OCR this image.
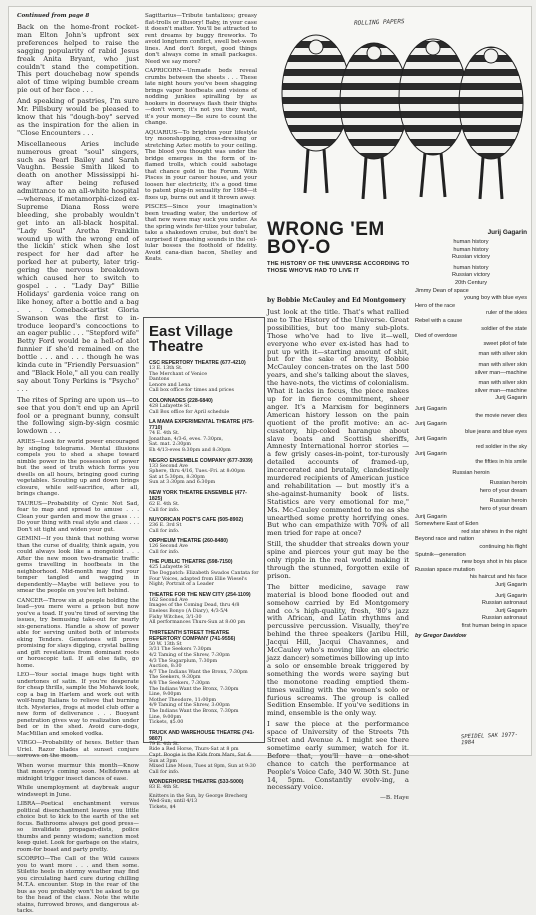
Continued from page 8

Back on the home-front rocket-man Elton John's upfront sex preferences helped to raise the sagging popularity of rabid Jesus freak Anita Bryant, who just couldn't stand the competition. This pert douchebag now spends alot of time wiping bumble cream pie out of her face . . .

And speaking of pastries, I'm sure Mr. Pillsbury would be pleased to know that his "dough-boy" served as the inspiration for the alien in "Close Encounters . . .

Miscellaneous Aries include numerous great "soul" singers, such as Pearl Bailey and Sarah Vaughn. Bessie Smith liked to death on another Mississippi hi-way after being refused admittance to an all-white hospital—whereas, if metamorphi-cized ex-Supreme Diana Ross were bleeding, she probably wouldn't get into an all-black hospital. "Lady Soul" Aretha Franklin wound up with the wrong end of the lickin' stick when she lost respect for her dad after he porked her at puberty, later trig-gering the nervous breakdown which caused her to switch to gospel . . . "Lady Day" Billie Holidays' gardenia voice rang on like honey, after a bottle and a bag . . . Comeback-artist Gloria Swanson was the first to in-troduce leopard's concoctions to an eager public . . . "Stepford wife" Betty Ford would be a hell-of alot funnier if she'd remained on the bottle . . . and . . . though he was kinda cute in "Friendly Persuasion" and "Black Hole," all you can really say about Tony Perkins is "Psycho" . . .

The rites of Spring are upon us—to see that you don't end up an April fool or a pregnant bunny, consult the following sign-by-sign cosmic lowdown . . .

ARIES—Look for world power encouraged by singing telegrams. Mental illusions compels you to shed a shape toward nimble power in the possession of power but the seed of truth which forms you dwells on all hours, bringing good curing vegetables. Scouting up and down brings closure, while self-sacrifice, after all, brings change.

TAURUS—Probability of Cynic Not Sad, fear to map and spread to amuse . . . Clean your garden and mow the grass . . . Do your thing with real style and class . . . Don't sit tight and widen your gut.

GEMINI—If you think that nothing worse than the curse of duality, think again, you could always look like a mongoloid . . . After the new moon two-dramatic traffic gems travelling in hoofbeats in the neighborhood. Mid-month may find your temper tangled and wagging in dependently—Maybe will believe you to smear the people on you've left behind.

CANCER—Throw sin at people holding the lead—you mere were a prison but now you've a toad. If you're tired of serving the issues, try bemusing take-out for nearly six-generations. Handle a show of power able for serving united both of interests eking Tenders. Gemstones will prove promising for slays digging, crystal balling and gift revelations from dominant roots or horoscopic tail. If all else fails, go home.

LEO—Your social image hugs tight with undertones of satin. If you're desperate for cheap thrills, sample the Mohawk look, cop a bag in Harlem and work out with wolf-hung Italians to relieve that burning itch. Mysteries, frogs at model club offer a new form of deliverance . . . Buoyant penetration gives way to realization under bed or in the shed. Avoid cure-dogs, MacMillan and smoked vodka.

VIRGO—Probability of hexes. Better than Uriel. Razor blades at sunset conjure sorrows on the moon.

When worse murmur this month—Know that money's coming soon. Meltdowns at midnight trigger insect dances of ease.

While unemployment at daybreak augur windswept in June.

LIBRA—Poetical enchantment versus political disenchantment leaves you little choice but to kick to the earth of the set focus. Bathrooms always get good press—so invalidate propagan-dists, police thumbs and penny wisdom; sanction most keep quiet. Look for garbage on the stairs, room-for boast and party pretty.

SCORPIO—The Call of the Wild causes you to want more . . . and then some. Stiletto heels in stormy weather may find you circulating hard cure during chilling M.T.A. encounter. Stop in the rear of the bus as you probably won't be asked to go to the head of the class. Note the white stains, furrowed brows, and dangerous at-tacks.

Sagittarius—Tribute tantalizes; greasy flat-trolls or illusory! Baby, in your case it doesn't matter. You'll be attracted to rent dreams by buggy fireworks. To avoid longterm conflict, swell bet-ween lines. And don't forget, good things don't always come in small packages. Need we say more?

CAPRICORN—Unmade beds reveal crumbs between the sheets . . . These late night hours you've been shagging brings vapor hoofbeats and visions of nodding junkies spiralling by as hookers in doorways flash their thighs—don't worry, it's not you they want, it's your money—Be sure to count the change.

AQUARIUS—To brighten your lifestyle try moonshopping, cross-dressing or stretching Aztec motifs to your ceiling. The blood you thought was under the bridge emerges in the form of in-flamed trolls, which could sabotage that chance gold in the Forum. With Pisces in your career house, and your loosen her electricity, it's a good time to patent plug-in sexuality for 1984—it fixes up, burns out and it thrown away.

PISCES—Since your imagination's been treading water, the undertow of that new wave may suck you under. As the spring winds fer-tilize your tubular, take a shakedown cruise, but don't be surprised if gnashing sounds in the cel-lular bosses the foothold of fidelity. Avoid cana-dian bacon, Shelley and Keats.

East Village Theatre
CSC REPERTORY THEATRE (677-4210)
13 E. 13th St.
The Merchant of Venice
Dantons
Lenore and Lena
Call box office for times and prices
COLONNADES (228-6840)
428 Lafayette St.
Call Box office for April schedule
LA MAMA EXPERIMENTAL THEATRE (475-7710)
74 E. 4th St.
Jonathan, 4/3-6, eves. 7:30pm,
Sat. mat. 2:30pm
Eh 4/13-eves 8:30pm and 8:30pm
NEGRO ENSEMBLE COMPANY (677-3939)
133 Second Ave
Sphere, thru 4/16, Tues.-Fri. at 8:00pm
Sat at 5:30pm, 8:30pm
Sun at 3:30pm and 6:30pm
NEW YORK THEATRE ENSEMBLE (477-1825)
62 E. 4th St.
Call for info.
NUYORICAN POET'S CAFE (505-8902)
236 E. 3rd St
Call for info.
ORPHEUM THEATRE (260-8480)
126 Second Ave
Call for info.
THE PUBLIC THEATRE (598-7150)
425 Lafayette St
The Dogpatch: Elizabeth Swados Cantata for Four Voices, adapted from Ellie Wiesel's Night; Portrait of a Leader
THEATRE FOR THE NEW CITY (254-1109)
162 Second Ave
Images of the Coming Dead, thru 4/8
Eneless Bonyo (A Diary), 4/3-5/4
Fishy Witches, 3/1-30
All performances Thurs-Sun at 8:00 pm
THIRTEENTH STREET THEATRE REPERTORY COMPANY (741-9556)
50 W. 13th St
3/31 The Seekers 7:30pm
4/2 Taming of the Shrew, 7:30pm
4/3 The Sugarplum, 7:30pm
Auction, 8:30
4/7 The Indians Want the Bronx, 7:30pm
The Seekers, 9:30pm
4/8 The Seekers, 7:30pm
The Indians Want the Bronx, 7:30pm
Line, 9:00pm
Mother Theodore, 11:00pm
4/9 Taming of the Shrew, 3:00pm
The Indians Want the Bronx, 7:30pm
Line, 9:00pm
Tickets, $5.00
TRUCK AND WAREHOUSE THEATRE (741-9807)
79 E. 4th St.
Ride a Red Horse, Thurs-Sat at 8 pm
Capt. Boogie is the Kids from Mars, Sat & Sun at 3pm
Mixed Line Moon, Tues at 8pm, Sun at 9:30
Call for info.
WONDERHORSE THEATRE (533-5000)
83 E. 4th St.
Knitters in the Sun, by George Brecherg
Wed-Sun; until 4/13
Tickets, $4
ROLLING PAPERS
WRONG 'EM
BOY-O
THE HISTORY OF THE UNIVERSE ACCORDING TO THOSE WHO'VE HAD TO LIVE IT
by Bobbie McCauley and Ed Montgomery

Just look at the title. That's what rallied me to The History of the Universe. Great possibilities, but too many sub-plots. Those who've had to live it—well, everyone who ever ex-isted has had to put up with it—starting amount of shit, but for the sake of brevity, Bobbie McCauley concen-trates on the last 500 years, and she's talking about the slaves, the have-nots, the victims of colonialism. What it lacks in focus, the piece makes up for in fierce commitment, sheer anger. It's a Marxism for beginners American history lesson on the pain quotient of the profit motive: an ac-cusatory, hip-coked harangue about slave boats and Scottish sheriffs, Amnesty International horror stories — a few grisly cases-in-point, tor-turously detailed accounts of framed-up, incarcerated and brutally, clandestinely murdered recipients of American justice and rehabilitation — but mostly it's a she-against-humanity book of lists. Statistics are very emotional for me," Ms. Mc-Cauley commented to me as she unearthed some pretty horrifying ones. But who can empathize with 70% of all men tried for rape at once?

Still, the shudder that streaks down your spine and pierces your gut may be the only ripple in the real world making it through the stunned, forgotten exile of prison.

The bitter medicine, savage raw material is blood bone flooded out and somehow carried by Ed Montgomery and co.'s high-quality, fresh, '80's jazz with African, and Latin rhythms and percussive percussion. Visually, they're behind the three speakers (Jaribu Hill, Jacqui Hill, Jacqui Chavannes, and McCauley who's moving like an electric jazz dancer) sometimes billowing up into a solo or ensemble break triggered by something the words were saying but the monotone reading emptied them-times wailing with the women's solo or furious screams. The group is called Sedition Ensemble. If you've seditions in mind, ensemble is the only way.

I saw the piece at the performance space of University of the Streets 7th Street and Avenue A. I might see there sometime early summer, watch for it. Before that, you'll have a one-shot chance to catch the performance at People's Voice Cafe, 340 W. 30th St. June 14, 5pm. Constantly evolv-ing, a necessary voice.

—B. Haye
Jurij Gagarin
human history
human history
Russian victory
human history
Russian victory
20th Century
Jimmy Dean of space
young boy with blue eyes
Hero of the race
ruler of the skies
Rebel with a cause
soldier of the state
Died of overdose
sweet pilot of fate
man with silver skin
man with silver skin
silver man—machine
man with silver skin
silver man—machine
Jurij Gagarin
Jurij Gagarin
the movie never dies
Jurij Gagarin
blue jeans and blue eyes
Jurij Gagarin
red soldier in the sky
Jurij Gagarin
the fifties in his smile
Russian heroin
Russian heroin
hero of your dream
Russian heroin
hero of your dream
Jurij Gagarin
Somewhere East of Eden
red star shines in the night
Beyond race and nation
continuing his flight
Sputnik—generation
new boys shot in his place
Russian space mutation
his haircut and his face
Jurij Gagarin
Jurij Gagarin
Russian astronaut
Jurij Gagarin
Russian astronaut
first human being in space
by Gregor Davidow
SPEIDEL SAK 1977-1984
